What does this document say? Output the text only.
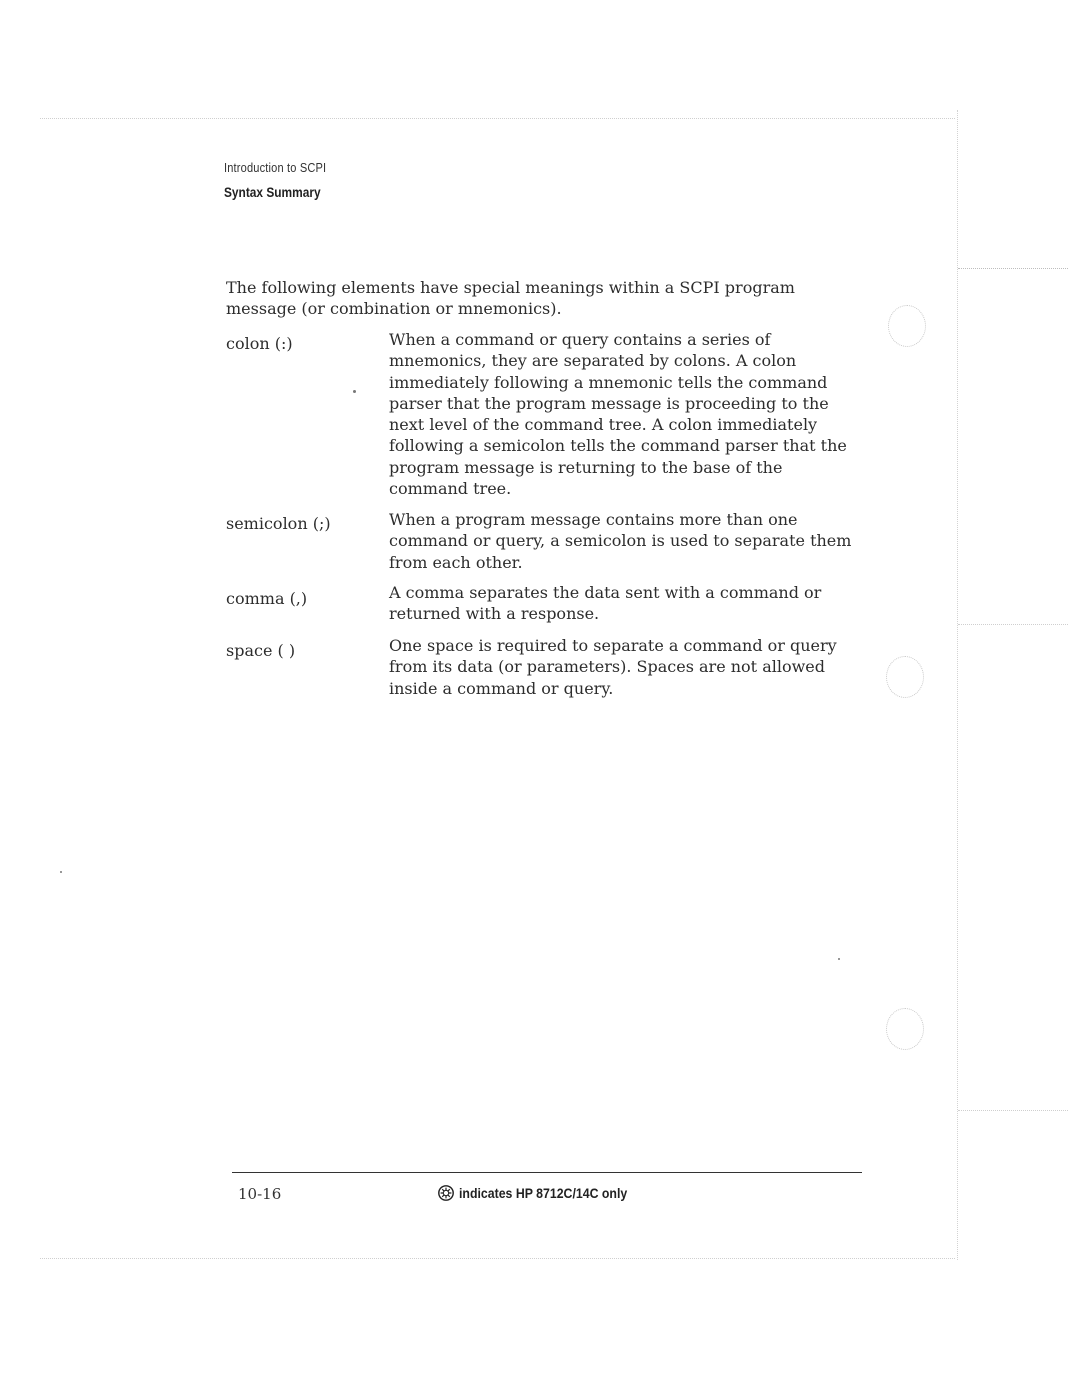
Introduction to SCPI
Syntax Summary
The following elements have special meanings within a SCPI program message (or combination or mnemonics).
colon (:)	When a command or query contains a series of mnemonics, they are separated by colons. A colon immediately following a mnemonic tells the command parser that the program message is proceeding to the next level of the command tree. A colon immediately following a semicolon tells the command parser that the program message is returning to the base of the command tree.
semicolon (;)	When a program message contains more than one command or query, a semicolon is used to separate them from each other.
comma (,)	A comma separates the data sent with a command or returned with a response.
space ( )	One space is required to separate a command or query from its data (or parameters). Spaces are not allowed inside a command or query.
10-16	indicates HP 8712C/14C only
